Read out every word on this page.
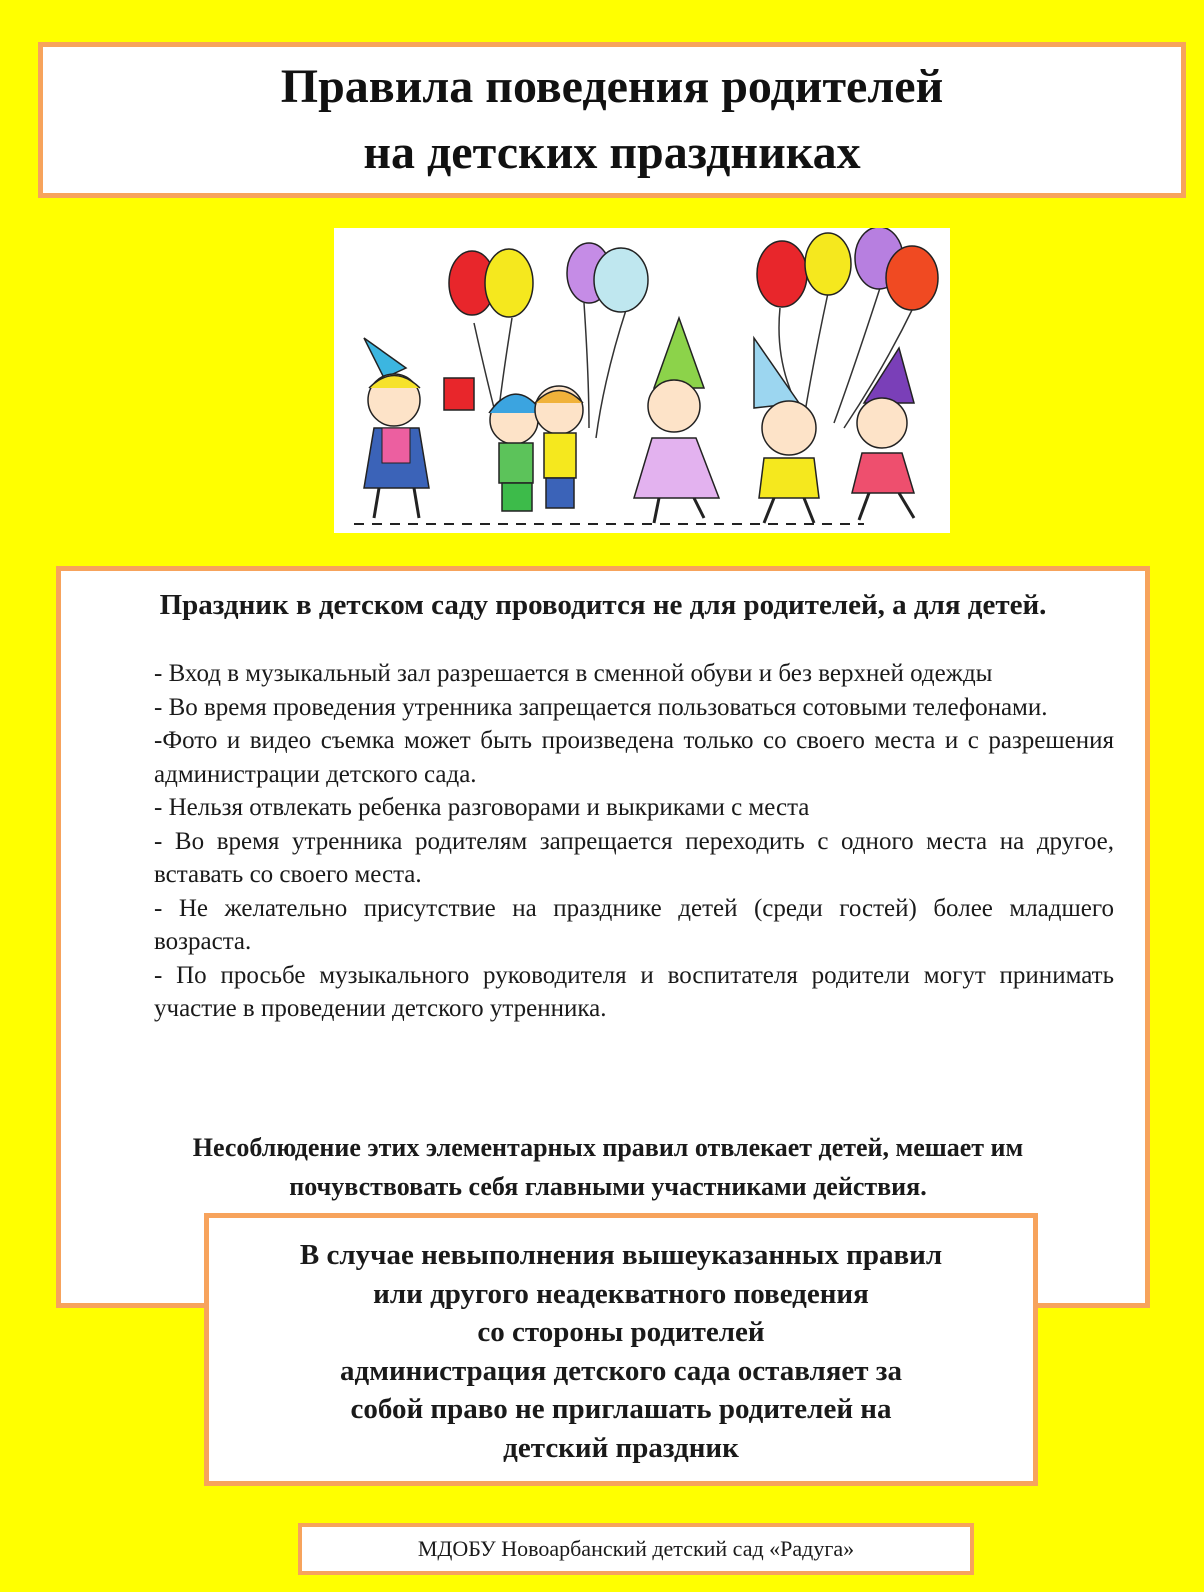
Правила поведения родителей
на детских праздниках
Праздник в детском саду проводится не для родителей, а для детей.
- Вход в музыкальный зал разрешается в сменной обуви и без верхней одежды
- Во время проведения утренника запрещается пользоваться сотовыми телефонами.
-Фото и видео съемка может быть произведена только со своего места и с разрешения администрации детского сада.
- Нельзя отвлекать ребенка разговорами и выкриками с места
- Во время утренника родителям запрещается переходить с одного места на другое, вставать со своего места.
- Не желательно присутствие на празднике детей (среди гостей) более младшего возраста.
- По просьбе музыкального руководителя и воспитателя родители могут принимать участие в проведении детского утренника.
Несоблюдение этих элементарных правил отвлекает детей, мешает им
почувствовать себя главными участниками действия.
В случае невыполнения вышеуказанных правил
или другого неадекватного поведения
со стороны родителей
администрация детского сада оставляет за
собой право не приглашать родителей на
детский праздник
МДОБУ Новоарбанский детский сад «Радуга»
